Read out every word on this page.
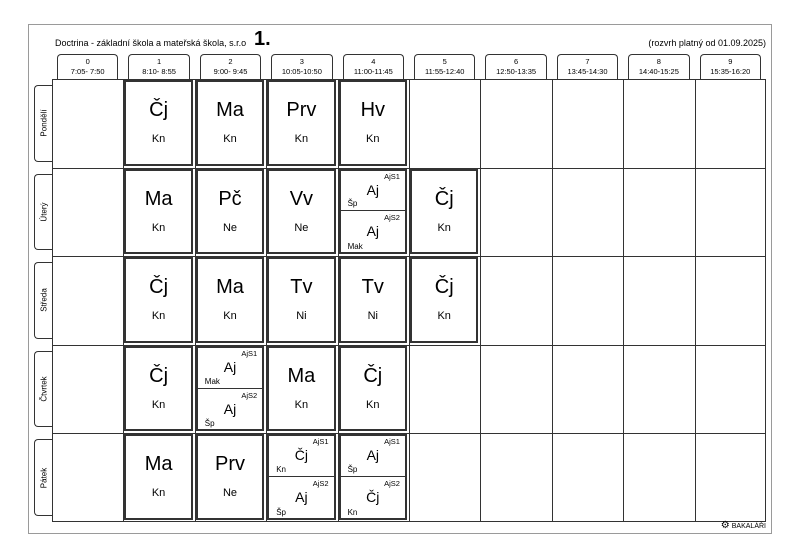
Doctrina - základní škola a mateřská škola, s.r.o 1.	(rozvrh platný od 01.09.2025)
0
7:05- 7:50
1
8:10- 8:55
2
9:00- 9:45
3
10:05-10:50
4
11:00-11:45
5
11:55-12:40
6
12:50-13:35
7
13:45-14:30
8
14:40-15:25
9
15:35-16:20
Pondělí
Úterý
Středa
Čtvrtek
Pátek
⚙ BAKALÁŘI
Čj
Kn
Ma
Kn
Prv
Kn
Hv
Kn
Ma
Kn
Pč
Ne
Vv
Ne
AjS1
Aj
Šp
AjS2
Aj
Mak
Čj
Kn
Čj
Kn
Ma
Kn
Tv
Ni
Tv
Ni
Čj
Kn
Čj
Kn
AjS1
Aj
Mak
AjS2
Aj
Šp
Ma
Kn
Čj
Kn
Ma
Kn
Prv
Ne
AjS1
Čj
Kn
AjS2
Aj
Šp
AjS1
Aj
Šp
AjS2
Čj
Kn
